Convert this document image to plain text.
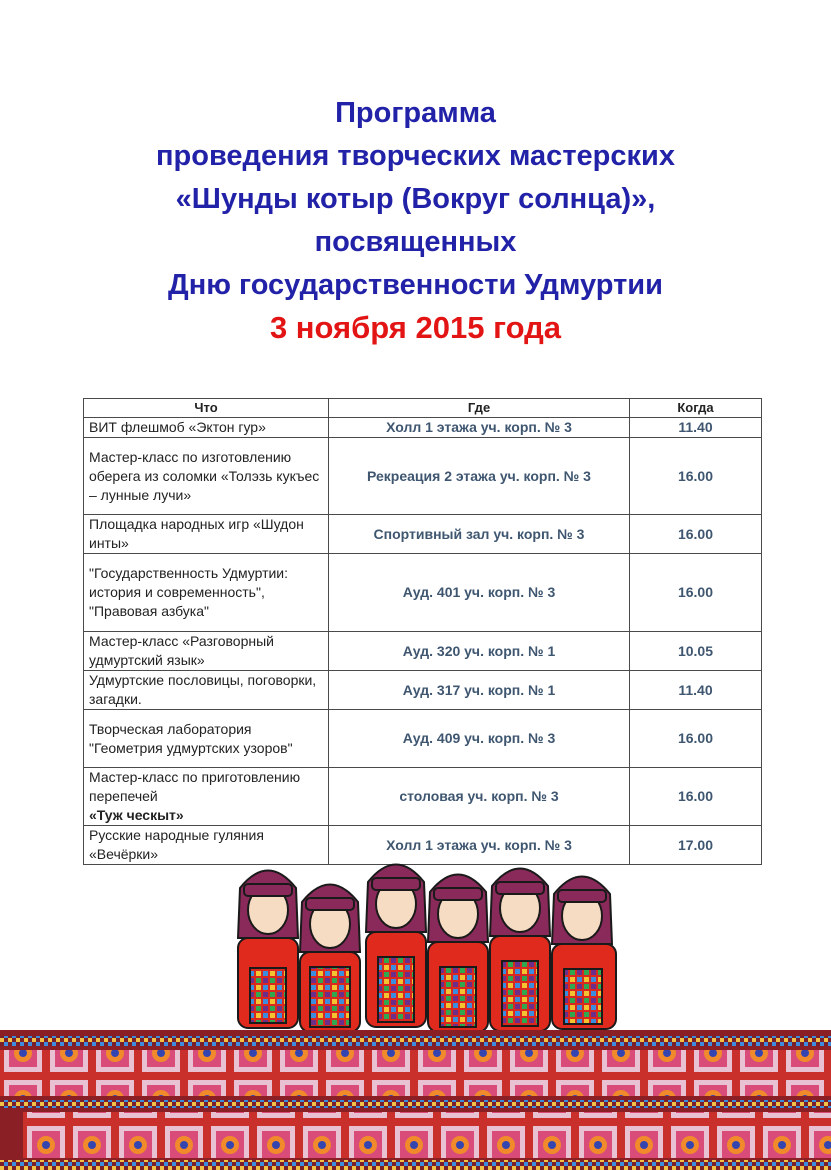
Программа
проведения творческих мастерских
«Шунды котыр (Вокруг солнца)»,
посвященных
Дню государственности Удмуртии
3 ноября 2015 года
Что	Где	Когда
ВИТ флешмоб «Эктон гур»	Холл 1 этажа уч. корп. № 3	11.40
Мастер-класс по изготовлению оберега из соломки «Толэзь кукъес – лунные лучи»	Рекреация 2 этажа уч. корп. № 3	16.00
Площадка народных игр «Шудон инты»	Спортивный зал уч. корп. № 3	16.00
"Государственность Удмуртии: история и современность", "Правовая азбука"	Ауд. 401 уч. корп. № 3	16.00
Мастер-класс «Разговорный удмуртский язык»	Ауд. 320 уч. корп. № 1	10.05
Удмуртские пословицы, поговорки, загадки.	Ауд. 317 уч. корп. № 1	11.40
Творческая лаборатория "Геометрия удмуртских узоров"	Ауд. 409 уч. корп. № 3	16.00
Мастер-класс по приготовлению перепечей
«Туж ческыт»	столовая уч. корп. № 3	16.00
Русские народные гуляния «Вечёрки»	Холл 1 этажа уч. корп. № 3	17.00
